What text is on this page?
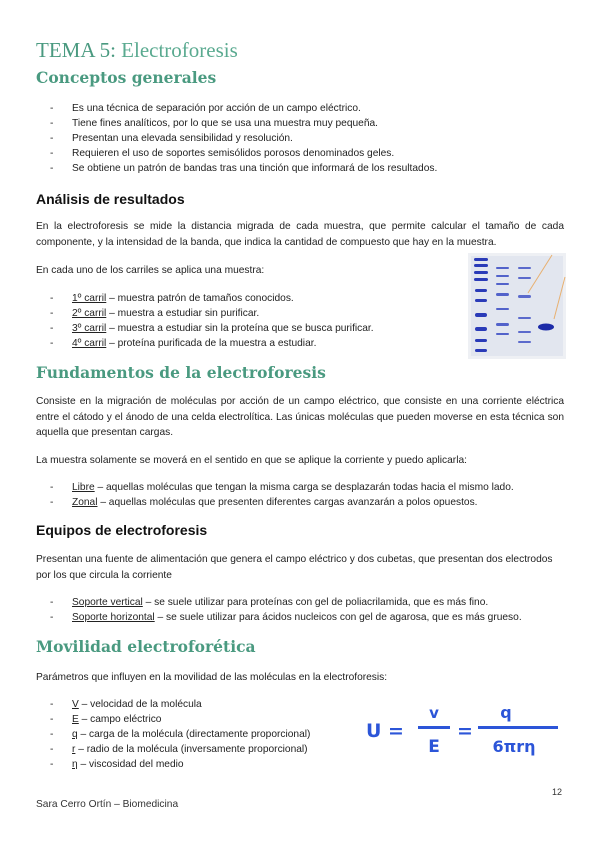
TEMA 5: Electroforesis
Conceptos generales
- Es una técnica de separación por acción de un campo eléctrico.
- Tiene fines analíticos, por lo que se usa una muestra muy pequeña.
- Presentan una elevada sensibilidad y resolución.
- Requieren el uso de soportes semisólidos porosos denominados geles.
- Se obtiene un patrón de bandas tras una tinción que informará de los resultados.
Análisis de resultados
En la electroforesis se mide la distancia migrada de cada muestra, que permite calcular el tamaño de cada componente, y la intensidad de la banda, que indica la cantidad de compuesto que hay en la muestra.
En cada uno de los carriles se aplica una muestra:
- 1º carril – muestra patrón de tamaños conocidos.
- 2º carril – muestra a estudiar sin purificar.
- 3º carril – muestra a estudiar sin la proteína que se busca purificar.
- 4º carril – proteína purificada de la muestra a estudiar.
Fundamentos de la electroforesis
Consiste en la migración de moléculas por acción de un campo eléctrico, que consiste en una corriente eléctrica entre el cátodo y el ánodo de una celda electrolítica. Las únicas moléculas que pueden moverse en esta técnica son aquella que presentan cargas.
La muestra solamente se moverá en el sentido en que se aplique la corriente y puedo aplicarla:
- Libre – aquellas moléculas que tengan la misma carga se desplazarán todas hacia el mismo lado.
- Zonal – aquellas moléculas que presenten diferentes cargas avanzarán a polos opuestos.
Equipos de electroforesis
Presentan una fuente de alimentación que genera el campo eléctrico y dos cubetas, que presentan dos electrodos por los que circula la corriente
- Soporte vertical – se suele utilizar para proteínas con gel de poliacrilamida, que es más fino.
- Soporte horizontal – se suele utilizar para ácidos nucleicos con gel de agarosa, que es más grueso.
Movilidad electroforética
Parámetros que influyen en la movilidad de las moléculas en la electroforesis:
- V – velocidad de la molécula
- E – campo eléctrico
- q – carga de la molécula (directamente proporcional)
- r – radio de la molécula (inversamente proporcional)
- η – viscosidad del medio
U =
v
E
=
q
6πrη
12
Sara Cerro Ortín – Biomedicina
